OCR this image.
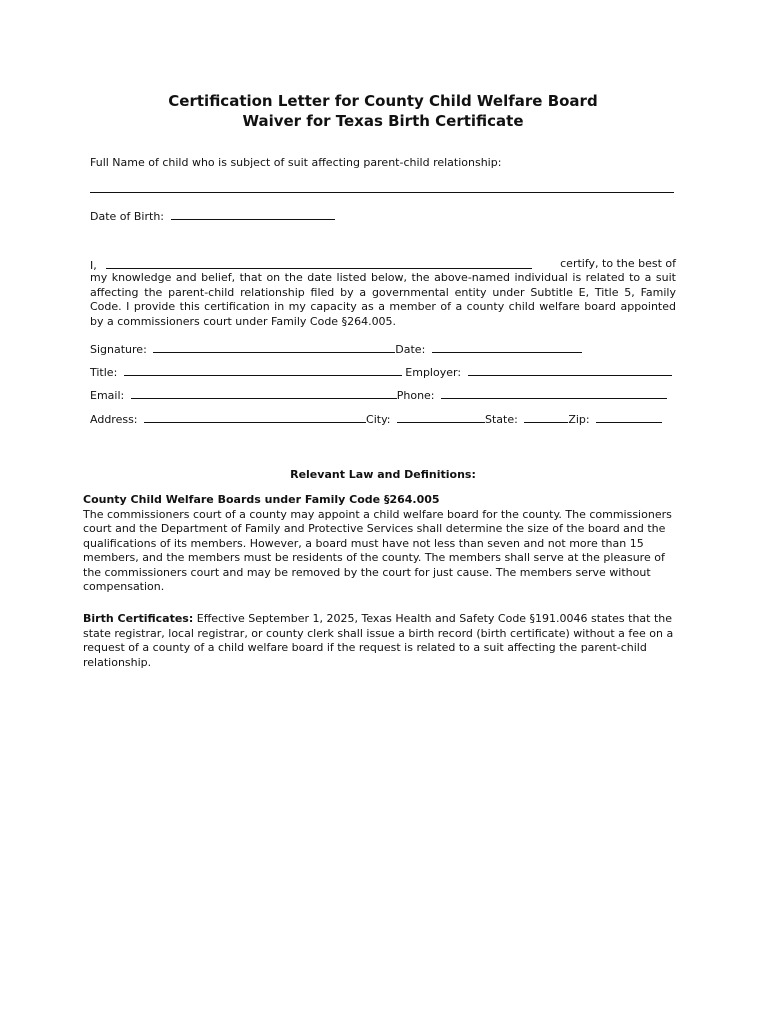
Certification Letter for County Child Welfare Board
Waiver for Texas Birth Certificate
Full Name of child who is subject of suit affecting parent-child relationship:
Date of Birth:
I,	certify, to the best of

my knowledge and belief, that on the date listed below, the above-named individual is related to a suit affecting the parent-child relationship filed by a governmental entity under Subtitle E, Title 5, Family Code. I provide this certification in my capacity as a member of a county child welfare board appointed by a commissioners court under Family Code §264.005.

Signature:	Date:
Title:	Employer:
Email:	Phone:
Address:	City:	State:	Zip:

Relevant Law and Definitions:

County Child Welfare Boards under Family Code §264.005
The commissioners court of a county may appoint a child welfare board for the county. The commissioners court and the Department of Family and Protective Services shall determine the size of the board and the qualifications of its members. However, a board must have not less than seven and not more than 15 members, and the members must be residents of the county. The members shall serve at the pleasure of the commissioners court and may be removed by the court for just cause. The members serve without compensation.

Birth Certificates: Effective September 1, 2025, Texas Health and Safety Code §191.0046 states that the state registrar, local registrar, or county clerk shall issue a birth record (birth certificate) without a fee on a request of a county of a child welfare board if the request is related to a suit affecting the parent-child relationship.
